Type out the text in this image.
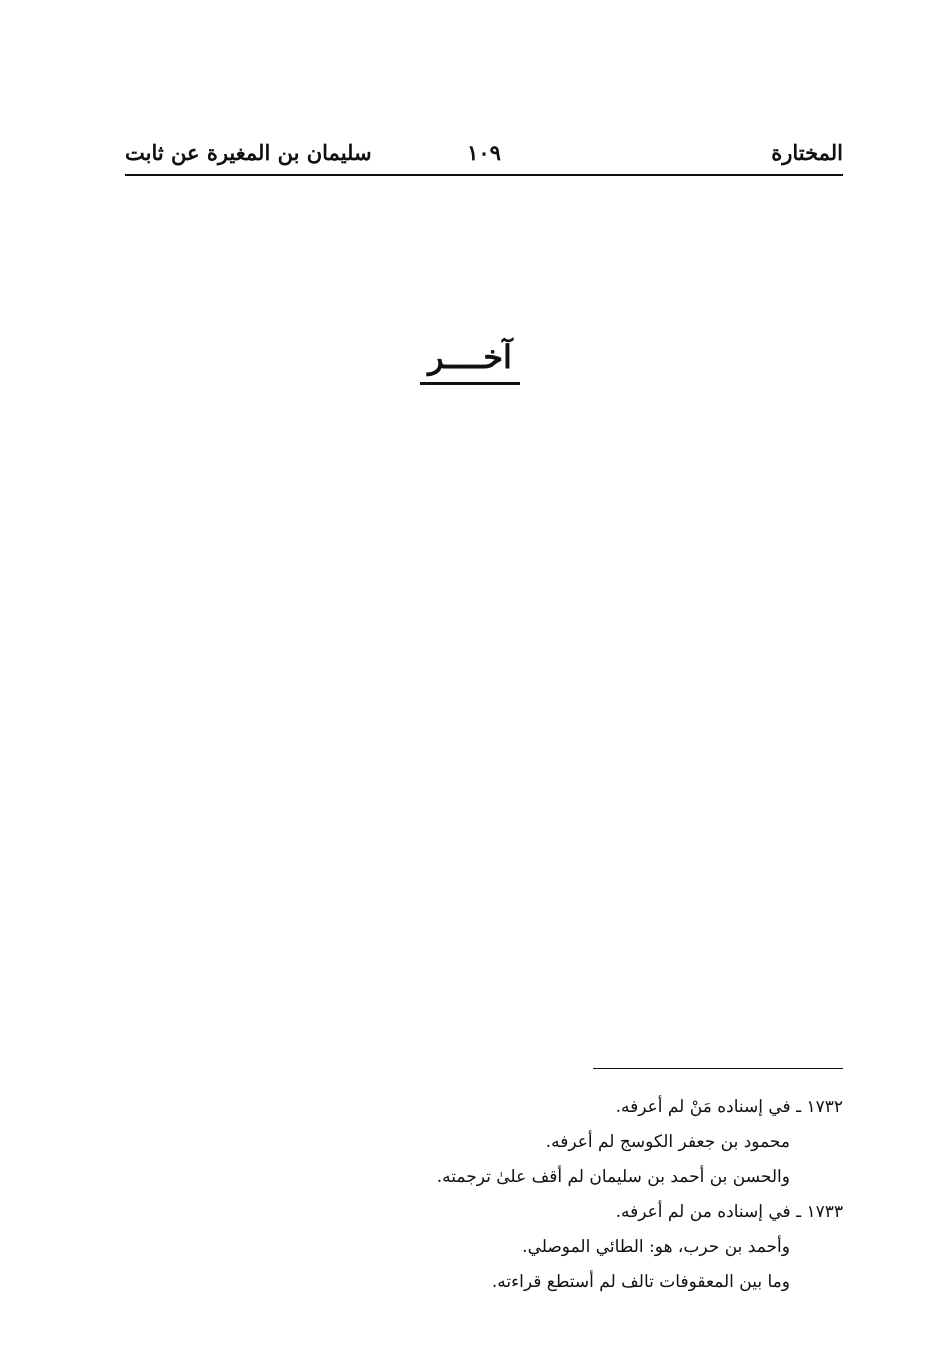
المختارة
١٠٩
سليمان بن المغيرة عن ثابت
آخــــر
١٧٣٢ ـ في إسناده مَنْ لم أعرفه.
محمود بن جعفر الكوسج لم أعرفه.
والحسن بن أحمد بن سليمان لم أقف علىٰ ترجمته.
١٧٣٣ ـ في إسناده من لم أعرفه.
وأحمد بن حرب، هو: الطائي الموصلي.
وما بين المعقوفات تالف لم أستطع قراءته.
